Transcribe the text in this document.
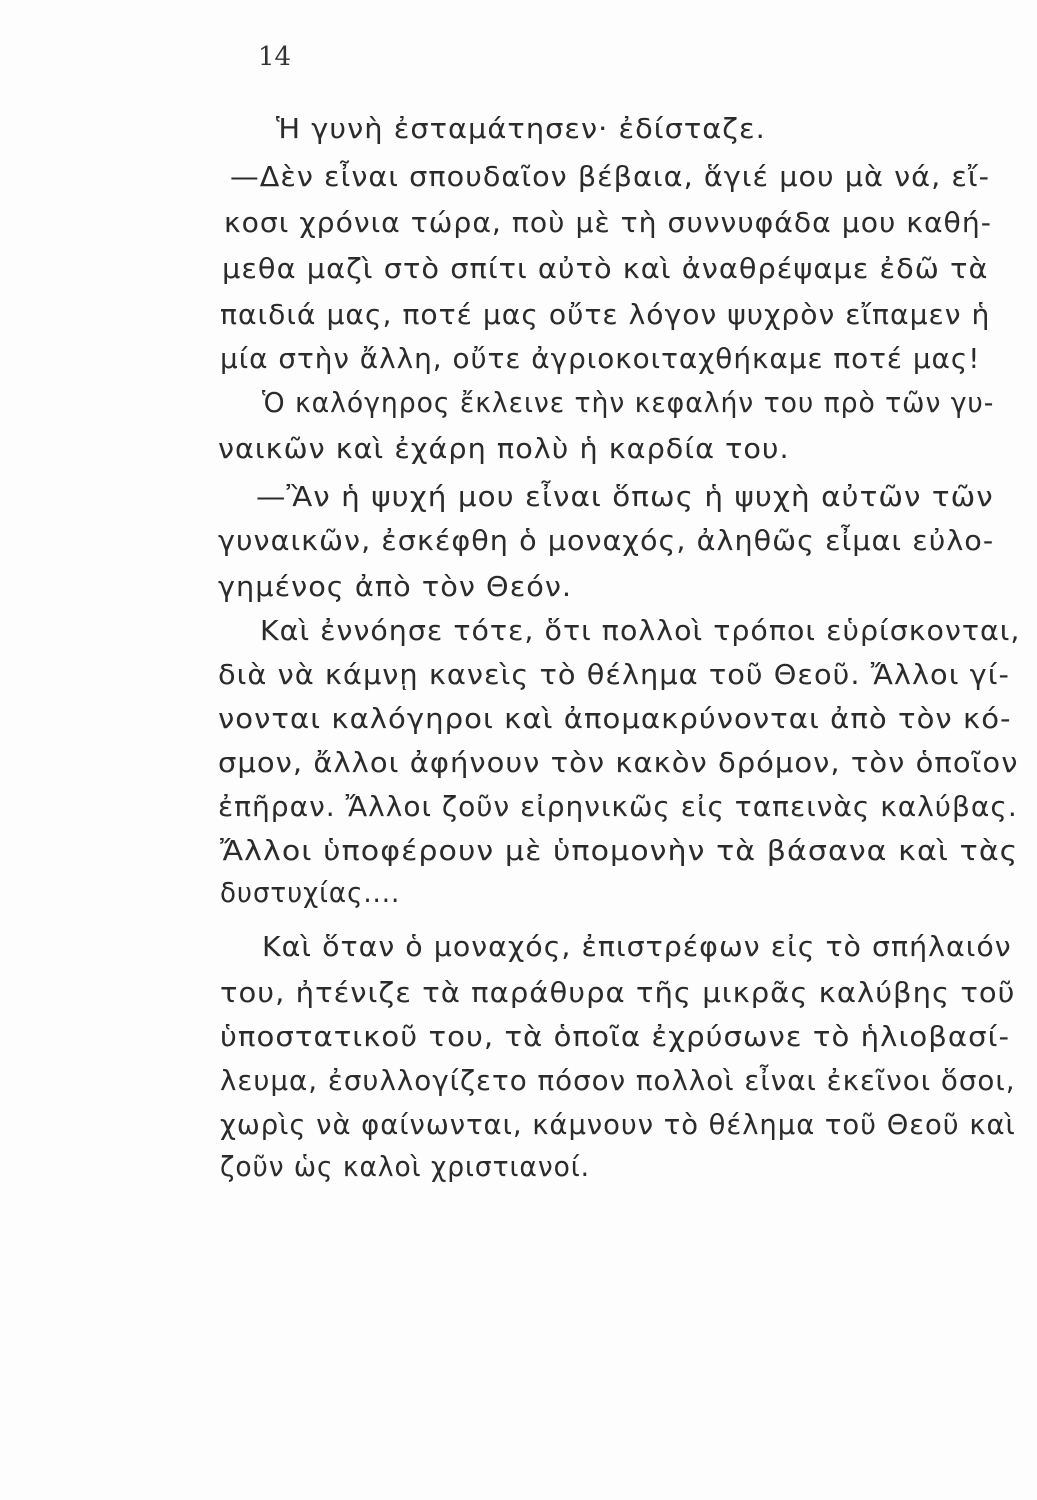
14
Ἡ γυνὴ ἐσταμάτησεν· ἐδίσταζε.
—Δὲν εἶναι σπουδαῖον βέβαια, ἅγιέ μου μὰ νά, εἴ-
κοσι χρόνια τώρα, ποὺ μὲ τὴ συννυφάδα μου καθή-
μεθα μαζὶ στὸ σπίτι αὐτὸ καὶ ἀναθρέψαμε ἐδῶ τὰ
παιδιά μας, ποτέ μας οὔτε λόγον ψυχρὸν εἴπαμεν ἡ
μία στὴν ἄλλη, οὔτε ἀγριοκοιταχθήκαμε ποτέ μας!
Ὁ καλόγηρος ἔκλεινε τὴν κεφαλήν του πρὸ τῶν γυ-
ναικῶν καὶ ἐχάρη πολὺ ἡ καρδία του.
—Ἂν ἡ ψυχή μου εἶναι ὅπως ἡ ψυχὴ αὐτῶν τῶν
γυναικῶν, ἐσκέφθη ὁ μοναχός, ἀληθῶς εἶμαι εὐλο-
γημένος ἀπὸ τὸν Θεόν.
Καὶ ἐννόησε τότε, ὅτι πολλοὶ τρόποι εὑρίσκονται,
διὰ νὰ κάμνῃ κανεὶς τὸ θέλημα τοῦ Θεοῦ. Ἄλλοι γί-
νονται καλόγηροι καὶ ἀπομακρύνονται ἀπὸ τὸν κό-
σμον, ἄλλοι ἀφήνουν τὸν κακὸν δρόμον, τὸν ὁποῖον
ἐπῆραν. Ἄλλοι ζοῦν εἰρηνικῶς εἰς ταπεινὰς καλύβας.
Ἄλλοι ὑποφέρουν μὲ ὑπομονὴν τὰ βάσανα καὶ τὰς
δυστυχίας....
Καὶ ὅταν ὁ μοναχός, ἐπιστρέφων εἰς τὸ σπήλαιόν
του, ἠτένιζε τὰ παράθυρα τῆς μικρᾶς καλύβης τοῦ
ὑποστατικοῦ του, τὰ ὁποῖα ἐχρύσωνε τὸ ἡλιοβασί-
λευμα, ἐσυλλογίζετο πόσον πολλοὶ εἶναι ἐκεῖνοι ὅσοι,
χωρὶς νὰ φαίνωνται, κάμνουν τὸ θέλημα τοῦ Θεοῦ καὶ
ζοῦν ὡς καλοὶ χριστιανοί.
